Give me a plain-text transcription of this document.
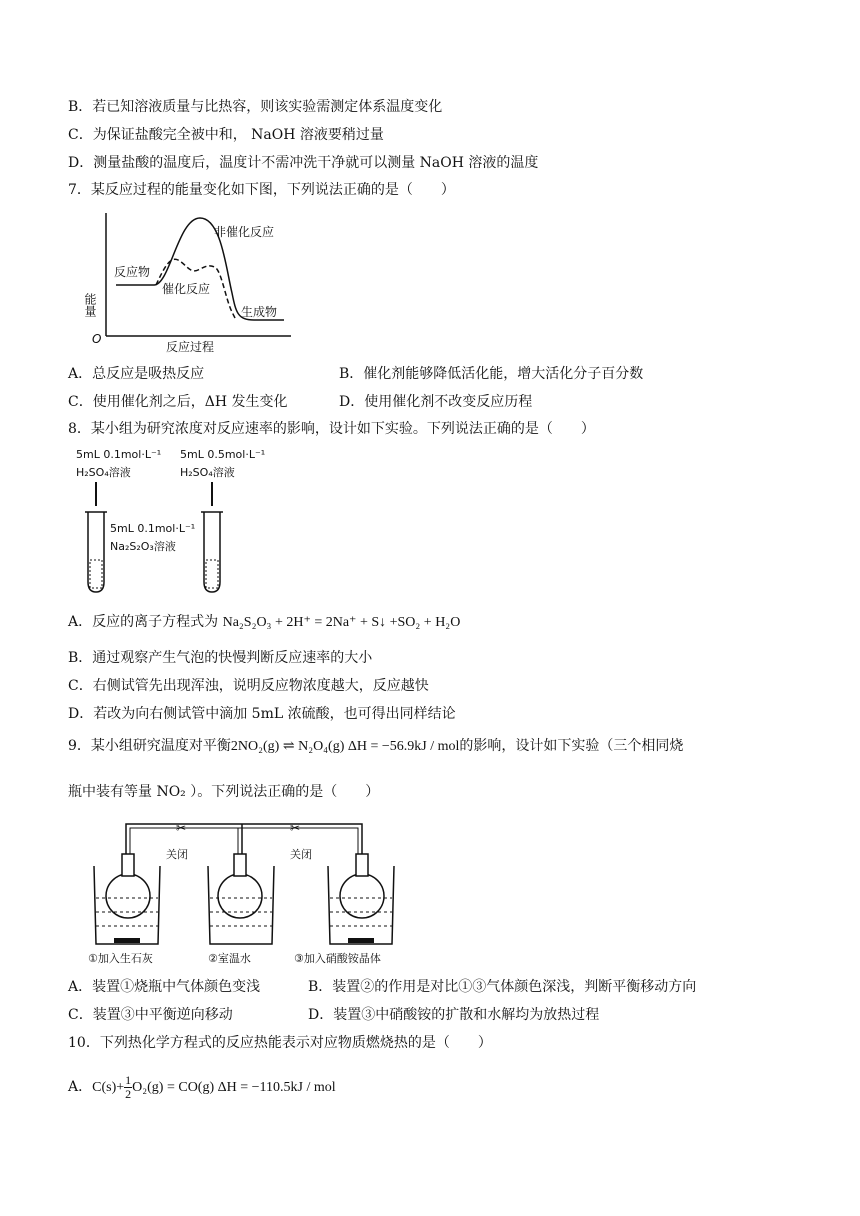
B．若已知溶液质量与比热容，则该实验需测定体系温度变化
C．为保证盐酸完全被中和， NaOH 溶液要稍过量
D．测量盐酸的温度后，温度计不需冲洗干净就可以测量 NaOH 溶液的温度
7．某反应过程的能量变化如下图，下列说法正确的是（　　）
能量
O
反应过程
反应物
生成物
非催化反应
催化反应
A．总反应是吸热反应	B．催化剂能够降低活化能，增大活化分子百分数
C．使用催化剂之后，ΔH 发生变化	D．使用催化剂不改变反应历程
8．某小组为研究浓度对反应速率的影响，设计如下实验。下列说法正确的是（　　）
5mL 0.1mol·L⁻¹
H₂SO₄溶液
5mL 0.5mol·L⁻¹
H₂SO₄溶液
5mL 0.1mol·L⁻¹
Na₂S₂O₃溶液
A．反应的离子方程式为 Na₂S₂O₃ + 2H⁺ = 2Na⁺ + S↓ +SO₂ + H₂O
B．通过观察产生气泡的快慢判断反应速率的大小
C．右侧试管先出现浑浊，说明反应物浓度越大，反应越快
D．若改为向右侧试管中滴加 5mL 浓硫酸，也可得出同样结论
9．某小组研究温度对平衡2NO₂(g) ⇌ N₂O₄(g) ΔH = −56.9kJ / mol的影响，设计如下实验（三个相同烧
瓶中装有等量 NO₂ ）。下列说法正确的是（　　）
✂	✂
关闭	关闭
①加入生石灰	②室温水	③加入硝酸铵晶体
A．装置①烧瓶中气体颜色变浅	B．装置②的作用是对比①③气体颜色深浅，判断平衡移动方向
C．装置③中平衡逆向移动	D．装置③中硝酸铵的扩散和水解均为放热过程
10．下列热化学方程式的反应热能表示对应物质燃烧热的是（　　）
A．$C(s)+ \frac{1}{2} O_2(g) = CO(g) \Delta H = -110.5kJ$ / mol
